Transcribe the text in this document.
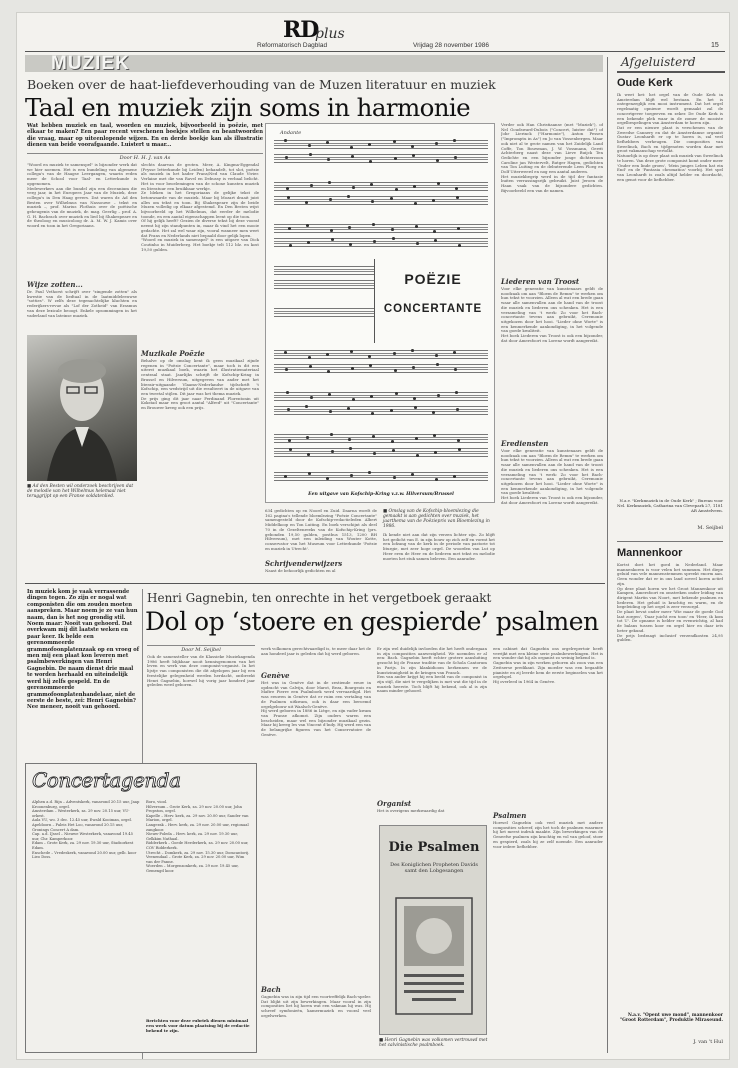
RD
plus
Reformatorisch Dagblad	Vrijdag 28 november 1986	15
MUZIEK	Afgeluisterd
Boeken over de haat-liefdeverhouding van de Muzen literatuur en muziek
Taal en muziek zijn soms in harmonie
Wat hebben muziek en taal, woorden en muziek, bijvoorbeeld in poëzie, met elkaar te maken? Een paar recent verschenen boekjes stellen en beantwoorden die vraag, maar op uiteenlopende wijzen. En en derde boekje kan als illustratie dienen van beide voorafgaande. Luistert u maar...
Door H. H. J. van As
"Woord en muziek te samenspel" is bijzonder werk dat we hier noemen. Het is een bundeling van algemene collega's van de Haagse Leergangen, waarin reden meer de School voor Taal- en Letterkunde is opgenomen.
Medewerkers aan die bundel zijn een decennium die verg jaar, in het Europees Jaar van de Muziek, deze collega's in Den Haag gevers. Dat waren dr. Ad den Besten over Wilhelmus van Nassouwe – tekst en muziek –, prof. Marius Flothuis over de poëtische geheugenis van de muziek, dr. mag. Geerlig – prof. A. G. H. Bachrach over muziek en lied bij Shakespeare en de theoloog en musicoloog dr. A. M. W. J. Kamis over woord en toon in het Gregoriaans.
Wijze zotten...
Dr. Paul Vethorst schrijft over "zingende zotten" als kwestie van de liedtaal in de laatmiddeleeuwse "sotties". W zelfs deze tegenachtelijke kluchten en rederijkers-revue als "Lof der Zotheid" van Erasmus van deze lexicale beoogt. Enkele opsommingen in het vaderland van lateinse muziek.
■ Ad den Besten wil onderzoek beschrijven dat de melodie van het Wilhelmus helemaal niet teruggrijpt op een Franse soldatenlied.
slechts daarvan de groten. Meer, A. Kingma-Eggendal (Frysse letterkunde bij Leiden) behandelt, tot slot, poëzie als muziek in het kader Frans/Ned van Claude Vivier. Verlaine met die van Ravel en Debussy is verbaal belicht. Het in voor beoelemingen van de schone kunsten muziek en literatuur een bruikbaar werkje.
Ze bleken in het Gregoriaans de gelijke tekst de betonwaarde van de muziek. Maar bij Mozart draait juist alles om tekst en toon. Bij Shakespeare zijn de beide Muzen volledig op elkaar afgestemd. En Den Besten wijst bijvoorbeeld op het Wilhelmus, dat eerder de melodie toonde, en een aantal eigenschappen leent op die toon.
Of hij gelijk heeft? Gezien de diverse tekst bij deze vooraf neemt hij zijn standpunten in, maar ik vind het een mooie gedachte. Het zal wel waar zijn, vooral wanneer men weet dat Frans en Nederlands niet bepaald door gelijk lopen.
"Woord en muziek in samenspel" is een uitgave van Dick Coutinho in Muiderberg. Het boekje telt 112 blz. en kost 19,50 gulden.
Muzikale Poëzie
Behalve op de omslag kent ik geen muzikaal zijnde regenen in "Poëzie Concertante", maar toch is dit een uiterst muzikaal boek, waarin het illustratiemateriaal centraal staat. Jaarlijks schrijft de Kofschip-Kring in Brussel en Hilversum, uitgegeven van ander met het literair-uitgaande Vlaams-Nederlandse tijdschrift 't Kofschip, een wedstrijd uit die resulteert in de uitgave van een tweetal stijlen. Dit jaar was het thema muziek.
De prijs ging dit jaar naar Ferdinand Florentonin uit Kokstad maar een groot aantal "Alfred" uit "Concertante" en Brouwer kreeg ook een prijs.
Andante
POËZIE
CONCERTANTE
Een uitgave van Kofschip-Kring v.z.w. Hilversum/Brussel
634 gedichten op en Noord en Zuid. Daarna wordt de 162 pagina's tellende bloemlezing "Poëzie Concertante" samengesteld door de Kofschip-redactieleden Albert Middelkoop en Ton Luiting. En boek verschijnt als deel 70 in de Gezeltenreeks van de Kofschip-Kring (prs. gebonden 19,50 gulden, postbus 1513, 1200 BH Hilversum), met een inleiding van Wouter Kotte, conservator van het Museum voor Letterkunde 'Poëzie en muziek in Utrecht'.
Schrijvenderwijzers
Naast de behoorlijk gedichten en al
■ Omslag van de Kofschip-bloemlezing die gemaakt is aan gedichten over muziek, het jaarthema van de Poëziepris van Bloemlezing in 1986.
Ik kende niet aan dat zijn verzen lichter zijn. Zo blijft het gedicht van E. in zijn bouw op zich zelf en vormt het een lofzang van de kerk in de periode van pastorie tot liturgie, met zeer hoge orgel. De woorden van Lut op Heer eren de Heer en de liederen met tekst en melodie moeten het stuk samen beleven. Een aanrader.
Verder ook Han Christiaanse (met "Muziek"), of Nel Goudsward-Dubois ("Concert, luister dat") of Johr Lierinck ("Harmonie"), Anton Pessen ("Impromptu in As") en Jo van Vossenbergen. Maar ook niet al te grote namen van het Zuidelijk Land Coffe, Ton Bouwman, J. W. Vossmann, Gerrit Achterberg naast deze van Lieve Buijck Ten Gedichte en een bijzonder jonge dichterzoon Caroline jan Westervelt, Rutger Hagen, gedichten van Ton Luiting en de debuterende Leen Ploeg en Dolf Uiterweerd en nog een aantal anderen.
Het muziekbegrip werd in de tijd der fantasie buiten verrassingsrijk gebruikt. Juist Jeroen de Haan vaak van de bijzondere gedichten. Bijvoorbeeld een van de namen.
Liederen van Troost
Voor elke generatie van kunstenaars geldt de noodzaak om aan "Bloem de Remm" te werken om hun tekst te voorzien. Alleen al wat een brede gaan waar alle samenvallen aan de hand van de troost die muziek en liederen ons schenken. Het is een verzameling van 't werk: Zo voor het Bach-concertante tevens aan gebruikt, Ceremonie uitgekozen door het hooi. "Lieder ohne Worte" is een kenmerkende aankondiging, in het volgende van goede kwaliteit.
Het boek Liederen van Troost is ook een bijzonder, dat door Amersfoort en Lorenz wordt aangereikt.
Erediensten
Voor elke generatie van kunstenaars geldt de noodzaak om aan "Bloem de Remm" te werken om hun tekst te voorzien. Alleen al wat een brede gaan waar alle samenvallen aan de hand van de troost die muziek en liederen ons schenken. Het is een verzameling van 't werk: Zo voor het Bach-concertante tevens aan gebruikt, Ceremonie uitgekozen door het hooi. "Lieder ohne Worte" is een kenmerkende aankondiging, in het volgende van goede kwaliteit.
Het boek Liederen van Troost is ook een bijzonder, dat door Amersfoort en Lorenz wordt aangereikt.
In muziek kom je vaak verrassende dingen tegen. Zo zijn er nogal wat componisten die om zouden moeten aanspreken. Maar noem je ze van hun naam, dan is het nog grondig stil. Noem maar: Nooit van gehoord. Dat overkwam mij dit laatste weken en paar keer. Ik belde een gerenommeerde grammofoonplatenzaak op en vroeg of men mij een plaat kon leveren met psalmbewerkingen van Henri Gagnebin. De naam dienst drie maal te worden herhaald en uiteindelijk werd hij zelfs gespeld. En de gerenommeerde grammofoonplatenhandelaar, niet de eerste de beste, zei: Henri Gagnebin? Nee meneer, nooit van gehoord.
Henri Gagnebin, ten onrechte in het vergetboek geraakt
Dol op ‘stoere en gespierde’ psalmen
Door M. Seijbel
Ook de samensteller van de Klassieke Muziekagenda 1986 heeft blijkbaar nooit kennisgenomen van het leven en werk van deze componist-organist. In het lijstje van componisten die dit afgelopen jaar bij een feestelijke gelegenheid werden herdacht, ontbreekt Henri Gagnebin, hoewel hij vorig jaar honderd jaar geleden werd geboren.
werk volkomen gerechtvaardigd is, te meer daar het de aan honderd jaar is geleden dat hij werd geboren.
Genève
Het was in Genève dat in de zestiende eeuw in opdracht van Calvijn, door Marot, Beza, Bourgeois en Maître Pierre een Psalmboek werd vervaardigd. Het was eeuwen in Genève dat er ruim een vertaling van de Psalmen uitkwam, ook is daar een beroemd orgelgebouw uit Waalsch-Genève.
Hij werd geboren in 1886 in Liège, en zijn vader kwam van Franse afkomst. Zijn ouders waren een bescheiden, maar wel een bijzonder muzikaal gezin. Maar hij kreeg les van Vincent d'Indy. Hij werd een van de belangrijke figuren van het Conservatoire de Genève.
Bach
Gagnebin was in zijn tijd een voortreffelijk Bach-speler. Dat blijkt uit zijn bewerkingen. Maar vooral in zijn composities liet hij horen wat een vakman hij was. Hij schreef symfonieën, kamermuziek en vooral veel orgelwerken.
Er zijn wel duidelijk invloeden die het heeft ondergaan in zijn composities aanwezigheid. We noemden er al een: Bach. Gagnebin heeft echter grotere aansluiting gezocht bij de Franse traditie van de Schola Cantorum in Parijs. In zijn klankidioom herkennen we de kunstzinnigheid in de kringen van Franck.
Een van ander krijgt hij een beeld van de componist in zijn stijl, die niet te vergelijken is met wat die tijd in de muziek heerste. Toch blijft hij bekend, ook al is zijn naam minder gehoord.
Organist
Het is overigens merkwaardig dat
Die Psalmen
Des Koniglichen Propheten Davids samt den Lobgesangen
■ Henri Gagnebin was volkomen vertrouwd met het calvinistische psalmboek.
een cabinet dat Gagnebin ons orgelrepertoir heeft verrijkt met een kleine serie psalmbewerkingen. Het is een wonder dat hij als organist zo weinig bekend is.
Gagnebin was in zijn werken geboren als zoon van een Zwitserse predikant. Zijn moeder was een begaafde pianiste en zij leerde hem de eerste beginselen van het orgelspel.
Hij overleed in 1964 in Genève.
Psalmen
Hoewel Gagnebin ook veel muziek met andere composities schreef, zijn het toch de psalmen waarmee hij het meest indruk maakte. Zijn bewerkingen van de Geneefse psalmen zijn krachtig en vol van geloof, stoer en gespierd, zoals hij ze zelf noemde. Een aanrader voor iedere liefhebber.
Concertagenda
Alphen a.d. Rijn – Adventskerk, vanavond 20.15 uur, Jaap Kroonenburg, orgel.
Amsterdam – Westerkerk, za. 29 nov. 20.15 uur, VU-orkest.
Aula VU, wo. 3 dec. 12.45 uur, Ewald Kooiman, orgel.
Apeldoorn – Paleis Het Loo, vanavond 20.15 uur, Gronings Concert A dam.
Cap. a.d. IJssel – Nieuwe Westerkerk, vanavond 19.45 uur, Chr. Kamperkoor.
Edam – Grote Kerk, za. 29 nov. 19.30 uur, Stadsorkest Edam.
Enschede – Vredeskerk, vanavond 20.00 uur, gelb. koor Lieo Doss.
Boro, viool.
Hilversum – Grote Kerk, za. 29 nov. 20.00 uur, John Propston, orgel.
Kapelle – Herv. kerk, za. 29 nov. 20.00 uur, Sander van Marion, orgel.
Langerak – Herv. kerk, za. 29 nov. 20.00 uur, regionaal zangkoor.
Nieuw-Poleda – Herv. kerk, za. 29 nov. 19.30 uur, Gelkkim Nathaal.
Ridderkerk – Goede Herderkerk, za. 29 nov. 20.00 uur, COV Ridderkerk.
Utrecht – Domkerk, za. 29 nov. 15.30 uur, Domcantorij.
Veenendaal – Grote Kerk, za. 29 nov. 20.00 uur, Wim van der Panne.
Woerden – Morgenzonkerk, za. 29 nov. 19.45 uur, Gemengd koor.
Berichten voor deze rubriek dienen minimaal een week voor datum plaatsing bij de redactie bekend te zijn.
Oude Kerk
Ik weet het: het orgel van de Oude Kerk in Amsterdam blijft wel bestaan. En het is ontegenzeglijk een mooi instrument. Dat het orgel regelmatig opnieuw wordt gemaakt zal de concertgever toegeeven en zeker. De Oude Kerk is een bekende plek waar in de zomer de mooiste orgelbespelingen van Amsterdam te horen zijn.
Dat er een nieuwe plaat is verschenen van de Zweedse Cannery en dat de Amsterdamse organist Gustav Leonhardt er op te horen is, zal veel liefhebbers verheugen. Die composities van Sweelinck, Bach en tijdgenoten worden daar met groot vakmanschap vertolkt.
Natuurlijk is op deze plaat ook muziek van Sweelinck te horen. Van deze grote componist komt onder meer 'Onder een linde groen', 'Mein junges Leben hat ein End' en de 'Fantasia chromatica' voorbij. Het spel van Leonhardt is zoals altijd helder en doordacht, een genot voor de liefhebber.
N.a.v. "Kerkmuziek in de Oude Kerk" ; Bureau voor Nel. Kerkmuziek, Catharina van Clevepark 27, 1181 AR Amstelveen.
M. Seijbel
Mannenkoor
Kortst doet het goed in Nederland. Maar mannenkoren is voor velen het summum. Het diepe geluid van vele mannenstemmen spreekt enorm aan. Geen wonder dat er in ons land zoveel koren actief zijn.
Op deze plaat horen we het Groot Mannenkoor uit Kampen, Amersfoort en omstreken onder leiding van dirigent Martin van Noort, met bekende psalmen en liederen. Het geluid is krachtig en warm, en de begeleiding op het orgel is zeer verzorgd.
De plaat bevat onder meer 'Wie maar de goede God laat zorgen', 'Daar juicht een toon' en 'Heer, ik kom tot U'. De opname is helder en evenwichtig, al had de balans tussen koor en orgel hier en daar iets beter gekund.
De prijs bedraagt inclusief verzendkosten 24,95 gulden.
N.a.v. "Opent uwe mond", mannenkoor "Groot Rotterdam", Produktie Miraseund.
J. van 't Hul
